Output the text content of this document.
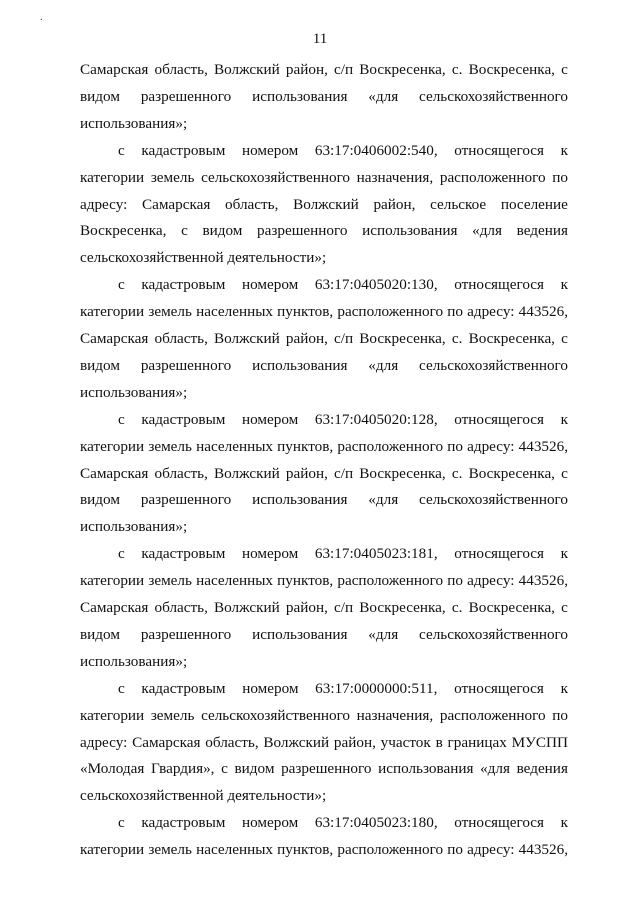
.
11
Самарская область, Волжский район, с/п Воскресенка, с. Воскресенка, с
видом разрешенного использования «для сельскохозяйственного
использования»;
с кадастровым номером 63:17:0406002:540, относящегося к
категории земель сельскохозяйственного назначения, расположенного по
адресу: Самарская область, Волжский район, сельское поселение
Воскресенка, с видом разрешенного использования «для ведения
сельскохозяйственной деятельности»;
с кадастровым номером 63:17:0405020:130, относящегося к
категории земель населенных пунктов, расположенного по адресу: 443526,
Самарская область, Волжский район, с/п Воскресенка, с. Воскресенка, с
видом разрешенного использования «для сельскохозяйственного
использования»;
с кадастровым номером 63:17:0405020:128, относящегося к
категории земель населенных пунктов, расположенного по адресу: 443526,
Самарская область, Волжский район, с/п Воскресенка, с. Воскресенка, с
видом разрешенного использования «для сельскохозяйственного
использования»;
с кадастровым номером 63:17:0405023:181, относящегося к
категории земель населенных пунктов, расположенного по адресу: 443526,
Самарская область, Волжский район, с/п Воскресенка, с. Воскресенка, с
видом разрешенного использования «для сельскохозяйственного
использования»;
с кадастровым номером 63:17:0000000:511, относящегося к
категории земель сельскохозяйственного назначения, расположенного по
адресу: Самарская область, Волжский район, участок в границах МУСПП
«Молодая Гвардия», с видом разрешенного использования «для ведения
сельскохозяйственной деятельности»;
с кадастровым номером 63:17:0405023:180, относящегося к
категории земель населенных пунктов, расположенного по адресу: 443526,
